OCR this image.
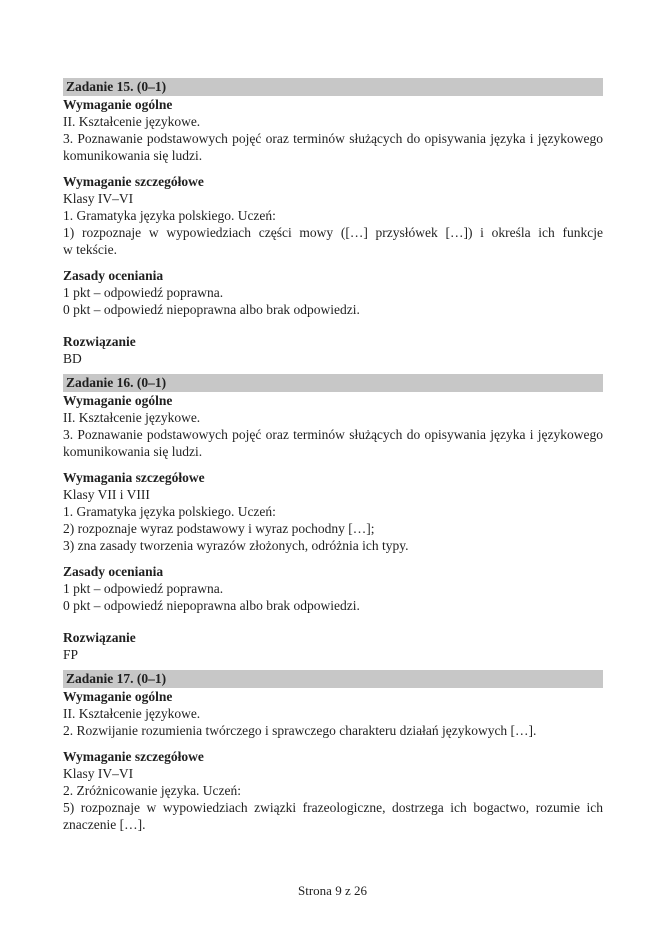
Zadanie 15. (0–1)
Wymaganie ogólne
II. Kształcenie językowe.
3. Poznawanie podstawowych pojęć oraz terminów służących do opisywania języka i językowego komunikowania się ludzi.
Wymaganie szczegółowe
Klasy IV–VI
1. Gramatyka języka polskiego. Uczeń:
1) rozpoznaje w wypowiedziach części mowy ([…] przysłówek […]) i określa ich funkcje w tekście.
Zasady oceniania
1 pkt – odpowiedź poprawna.
0 pkt – odpowiedź niepoprawna albo brak odpowiedzi.
Rozwiązanie
BD
Zadanie 16. (0–1)
Wymaganie ogólne
II. Kształcenie językowe.
3. Poznawanie podstawowych pojęć oraz terminów służących do opisywania języka i językowego komunikowania się ludzi.
Wymagania szczegółowe
Klasy VII i VIII
1. Gramatyka języka polskiego. Uczeń:
2) rozpoznaje wyraz podstawowy i wyraz pochodny […];
3) zna zasady tworzenia wyrazów złożonych, odróżnia ich typy.
Zasady oceniania
1 pkt – odpowiedź poprawna.
0 pkt – odpowiedź niepoprawna albo brak odpowiedzi.
Rozwiązanie
FP
Zadanie 17. (0–1)
Wymaganie ogólne
II. Kształcenie językowe.
2. Rozwijanie rozumienia twórczego i sprawczego charakteru działań językowych […].
Wymaganie szczegółowe
Klasy IV–VI
2. Zróżnicowanie języka. Uczeń:
5) rozpoznaje w wypowiedziach związki frazeologiczne, dostrzega ich bogactwo, rozumie ich znaczenie […].
Strona 9 z 26
